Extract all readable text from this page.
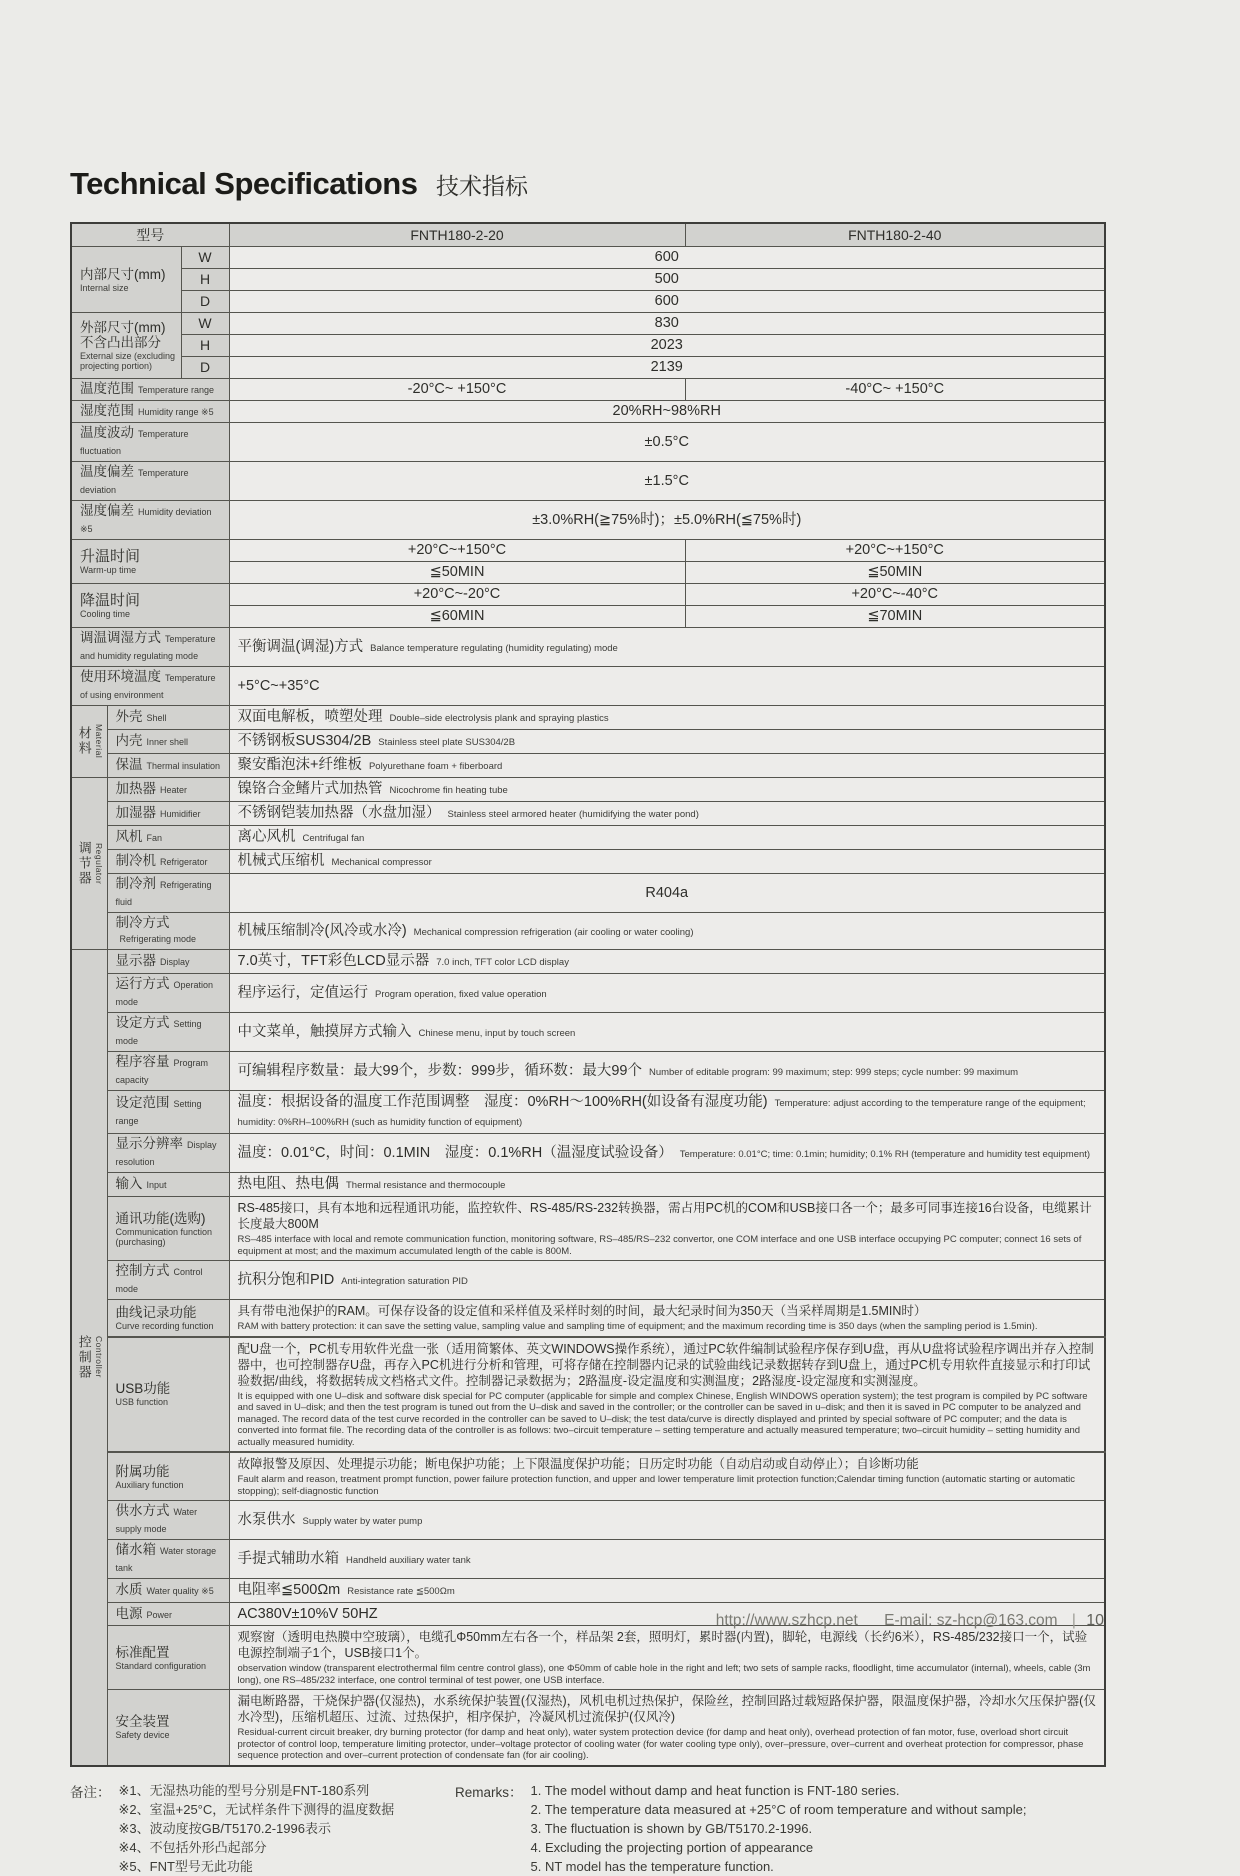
Technical Specifications 技术指标
型号			FNTH180-2-20	FNTH180-2-40
内部尺寸(mm)
Internal size		W	600	
		H	500	
		D	600	
外部尺寸(mm) 不含凸出部分
External size (excluding projecting portion)		W	830	
		H	2023	
		D	2139	
温度范围 Temperature range			-20°C~ +150°C	-40°C~ +150°C
湿度范围 Humidity range ※5			20%RH~98%RH	
温度波动 Temperature fluctuation			±0.5°C	
温度偏差 Temperature deviation			±1.5°C	
湿度偏差 Humidity deviation ※5			±3.0%RH(≧75%时)；±5.0%RH(≦75%时)	
升温时间
Warm-up time			+20°C~+150°C	+20°C~+150°C
			≦50MIN	≦50MIN
降温时间
Cooling time			+20°C~-20°C	+20°C~-40°C
			≦60MIN	≦70MIN
调温调湿方式 Temperature and humidity regulating mode			平衡调温(调湿)方式 Balance temperature regulating (humidity regulating) mode	
使用环境温度 Temperature of using environment			+5°C~+35°C	

材料 Material	外壳 Shell		双面电解板，喷塑处理 Double–side electrolysis plank and spraying plastics	
	内壳 Inner shell		不锈钢板SUS304/2B Stainless steel plate SUS304/2B	
	保温 Thermal insulation		聚安酯泡沫+纤维板 Polyurethane foam + fiberboard	

调节器 Regulator	加热器 Heater		镍铬合金鳍片式加热管 Nicochrome fin heating tube	
	加湿器 Humidifier		不锈钢铠装加热器（水盘加湿） Stainless steel armored heater (humidifying the water pond)	
	风机 Fan		离心风机 Centrifugal fan	
	制冷机 Refrigerator		机械式压缩机 Mechanical compressor	
	制冷剂 Refrigerating fluid		R404a	
	制冷方式Refrigerating mode		机械压缩制冷(风冷或水冷) Mechanical compression refrigeration (air cooling or water cooling)	

控制器 Controller	显示器 Display		7.0英寸，TFT彩色LCD显示器 7.0 inch, TFT color LCD display	
	运行方式 Operation mode		程序运行，定值运行 Program operation, fixed value operation	
	设定方式 Setting mode		中文菜单，触摸屏方式输入 Chinese menu, input by touch screen	
	程序容量 Program capacity		可编辑程序数量：最大99个，步数：999步，循环数：最大99个 Number of editable program: 99 maximum; step: 999 steps; cycle number: 99 maximum	
	设定范围 Setting range		温度：根据设备的温度工作范围调整　湿度：0%RH～100%RH(如设备有湿度功能) Temperature: adjust according to the temperature range of the equipment; humidity: 0%RH–100%RH (such as humidity function of equipment)	
	显示分辨率 Display resolution		温度：0.01°C，时间：0.1MIN　湿度：0.1%RH（温湿度试验设备） Temperature: 0.01°C; time: 0.1min; humidity; 0.1% RH (temperature and humidity test equipment)	
	输入 Input		热电阻、热电偶 Thermal resistance and thermocouple	
	通讯功能(选购)
Communication function (purchasing)		RS-485接口，具有本地和远程通讯功能，监控软件、RS-485/RS-232转换器，需占用PC机的COM和USB接口各一个；最多可同事连接16台设备，电缆累计长度最大800M
RS–485 interface with local and remote communication function, monitoring software, RS–485/RS–232 convertor, one COM interface and one USB interface occupying PC computer; connect 16 sets of equipment at most; and the maximum accumulated length of the cable is 800M.	

	控制方式 Control mode		抗积分饱和PID Anti-integration saturation PID	
	曲线记录功能
Curve recording function		具有带电池保护的RAM。可保存设备的设定值和采样值及采样时刻的时间，最大纪录时间为350天（当采样周期是1.5MIN时）
RAM with battery protection: it can save the setting value, sampling value and sampling time of equipment; and the maximum recording time is 350 days (when the sampling period is 1.5min).	

	USB功能
USB function		配U盘一个，PC机专用软件光盘一张（适用简繁体、英文WINDOWS操作系统），通过PC软件编制试验程序保存到U盘，再从U盘将试验程序调出并存入控制器中，也可控制器存U盘，再存入PC机进行分析和管理，可将存储在控制器内记录的试验曲线记录数据转存到U盘上，通过PC机专用软件直接显示和打印试验数据/曲线，将数据转成文档格式文件。控制器记录数据为；2路温度-设定温度和实测温度；2路湿度-设定湿度和实测湿度。
It is equipped with one U–disk and software disk special for PC computer (applicable for simple and complex Chinese, English WINDOWS operation system); the test program is compiled by PC software and saved in U–disk; and then the test program is tuned out from the U–disk and saved in the controller; or the controller can be saved in u–disk; and then it is saved in PC computer to be analyzed and managed. The record data of the test curve recorded in the controller can be saved to U–disk; the test data/curve is directly displayed and printed by special software of PC computer; and the data is converted into format file. The recording data of the controller is as follows: two–circuit temperature – setting temperature and actually measured temperature; two–circuit humidity – setting humidity and actually measured humidity.	

	附属功能
Auxiliary function		故障报警及原因、处理提示功能；断电保护功能；上下限温度保护功能；日历定时功能（自动启动或自动停止）；自诊断功能
Fault alarm and reason, treatment prompt function, power failure protection function, and upper and lower temperature limit protection function;Calendar timing function (automatic starting or automatic stopping); self-diagnostic function	

	供水方式 Water supply mode		水泵供水 Supply water by water pump	
	储水箱 Water storage tank		手提式辅助水箱 Handheld auxiliary water tank	
	水质 Water quality ※5		电阻率≦500Ωm Resistance rate ≦500Ωm	
	电源 Power		AC380V±10%V 50HZ	
	标准配置
Standard configuration		观察窗（透明电热膜中空玻璃），电缆孔Φ50mm左右各一个，样品架 2套，照明灯，累时器(内置)，脚轮，电源线（长约6米），RS-485/232接口一个，试验电源控制端子1个，USB接口1个。
observation window (transparent electrothermal film centre control glass), one Φ50mm of cable hole in the right and left; two sets of sample racks, floodlight, time accumulator (internal), wheels, cable (3m long), one RS–485/232 interface, one control terminal of test power, one USB interface.	

	安全装置
Safety device		漏电断路器，干烧保护器(仅湿热)，水系统保护装置(仅湿热)，风机电机过热保护，保险丝，控制回路过载短路保护器，限温度保护器，冷却水欠压保护器(仅水冷型)，压缩机超压、过流、过热保护，相序保护，冷凝风机过流保护(仅风冷)
Residual-current circuit breaker, dry burning protector (for damp and heat only), water system protection device (for damp and heat only), overhead protection of fan motor, fuse, overload short circuit protector of control loop, temperature limiting protector, under–voltage protector of cooling water (for water cooling type only), over–pressure, over–current and overheat protection for compressor, phase sequence protection and over–current protection of condensate fan (for air cooling).	
备注： ※1、无湿热功能的型号分别是FNT-180系列
※2、室温+25°C，无试样条件下测得的温度数据
※3、波动度按GB/T5170.2-1996表示
※4、不包括外形凸起部分
※5、FNT型号无此功能
Remarks： 1. The model without damp and heat function is FNT-180 series.
2. The temperature data measured at +25°C of room temperature and without sample;
3. The fluctuation is shown by GB/T5170.2-1996.
4. Excluding the projecting portion of appearance
5. NT model has the temperature function.
http://www.szhcp.net E-mail: sz-hcp@163.com | 10
